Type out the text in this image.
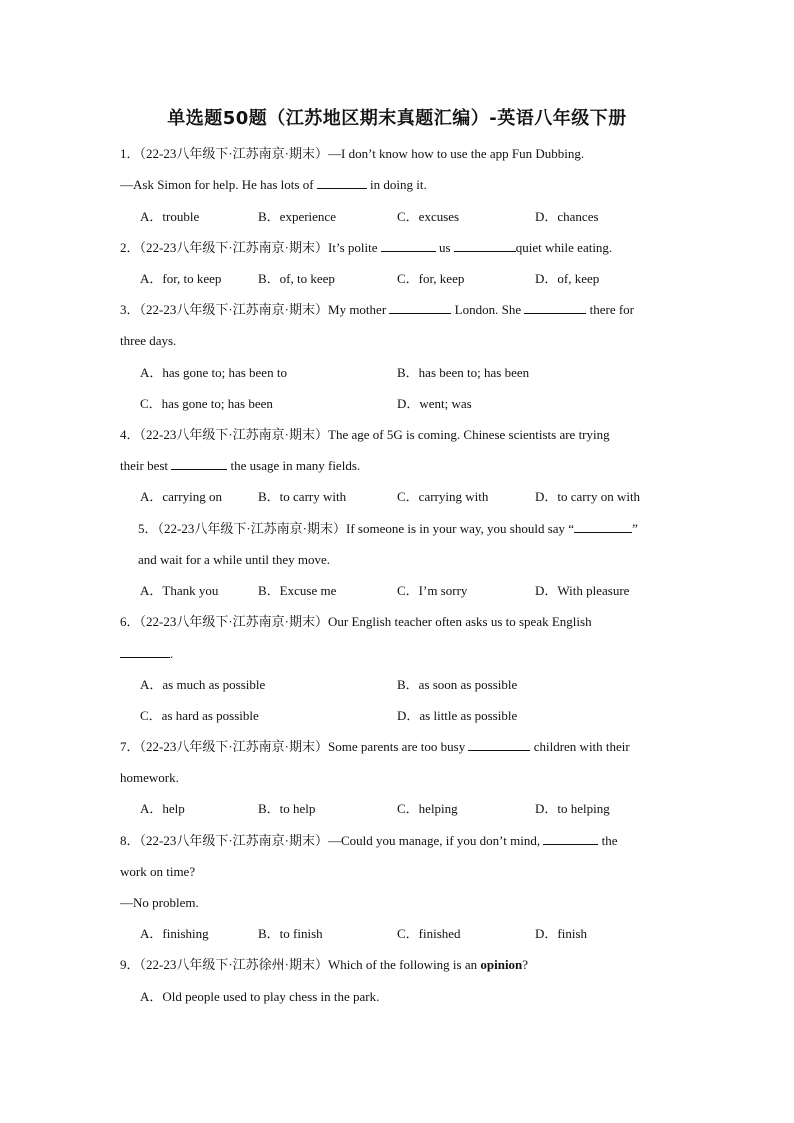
单选题50题（江苏地区期末真题汇编）-英语八年级下册
1．（22-23八年级下·江苏南京·期末）—I don’t know how to use the app Fun Dubbing.
—Ask Simon for help. He has lots of	in doing it.
A．trouble	B．experience	C．excuses	D．chances
2．（22-23八年级下·江苏南京·期末）It’s polite	us	quiet while eating.
A．for, to keep	B．of, to keep	C．for, keep	D．of, keep
3．（22-23八年级下·江苏南京·期末）My mother	London. She	there for
three days.
A．has gone to; has been to	B．has been to; has been
C．has gone to; has been	D．went; was
4．（22-23八年级下·江苏南京·期末）The age of 5G is coming. Chinese scientists are trying
their best	the usage in many fields.
A．carrying on	B．to carry with	C．carrying with	D．to carry on with
5．（22-23八年级下·江苏南京·期末）If someone is in your way, you should say “	”
and wait for a while until they move.
A．Thank you	B．Excuse me	C．I’m sorry	D．With pleasure
6．（22-23八年级下·江苏南京·期末）Our English teacher often asks us to speak English
.
A．as much as possible	B．as soon as possible
C．as hard as possible	D．as little as possible
7．（22-23八年级下·江苏南京·期末）Some parents are too busy	children with their
homework.
A．help	B．to help	C．helping	D．to helping
8．（22-23八年级下·江苏南京·期末）—Could you manage, if you don’t mind,	the
work on time?
—No problem.
A．finishing	B．to finish	C．finished	D．finish
9．（22-23八年级下·江苏徐州·期末）Which of the following is an opinion?
A．Old people used to play chess in the park.
